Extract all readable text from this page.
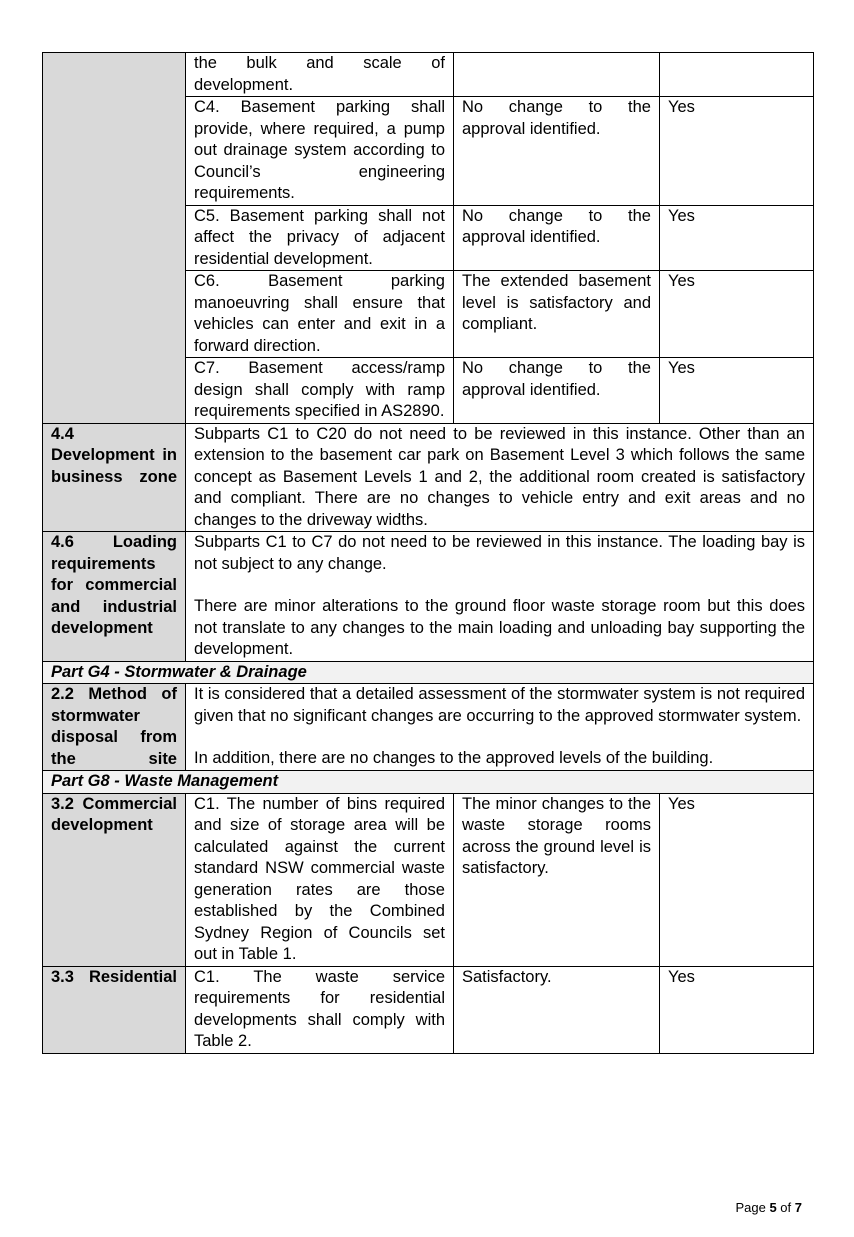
	the bulk and scale of development.		

	C4. Basement parking shall provide, where required, a pump out drainage system according to Council’s engineering requirements.	No change to the approval identified.	Yes

	C5. Basement parking shall not affect the privacy of adjacent residential development.	No change to the approval identified.	Yes

	C6. Basement parking manoeuvring shall ensure that vehicles can enter and exit in a forward direction.	The extended basement level is satisfactory and compliant.	Yes

	C7. Basement access/ramp design shall comply with ramp requirements specified in AS2890.	No change to the approval identified.	Yes

4.4 Development in business zone	Subparts C1 to C20 do not need to be reviewed in this instance. Other than an extension to the basement car park on Basement Level 3 which follows the same concept as Basement Levels 1 and 2, the additional room created is satisfactory and compliant. There are no changes to vehicle entry and exit areas and no changes to the driveway widths.		

4.6 Loading requirements for commercial and industrial development	Subparts C1 to C7 do not need to be reviewed in this instance. The loading bay is not subject to any change.
There are minor alterations to the ground floor waste storage room but this does not translate to any changes to the main loading and unloading bay supporting the development.		

Part G4 - Stormwater & Drainage			

2.2 Method of stormwater disposal from the site	It is considered that a detailed assessment of the stormwater system is not required given that no significant changes are occurring to the approved stormwater system.
In addition, there are no changes to the approved levels of the building.		

Part G8 - Waste Management			

3.2 Commercial development	C1. The number of bins required and size of storage area will be calculated against the current standard NSW commercial waste generation rates are those established by the Combined Sydney Region of Councils set out in Table 1.	The minor changes to the waste storage rooms across the ground level is satisfactory.	Yes

3.3 Residential	C1. The waste service requirements for residential developments shall comply with Table 2.	Satisfactory.	Yes
Page 5 of 7
